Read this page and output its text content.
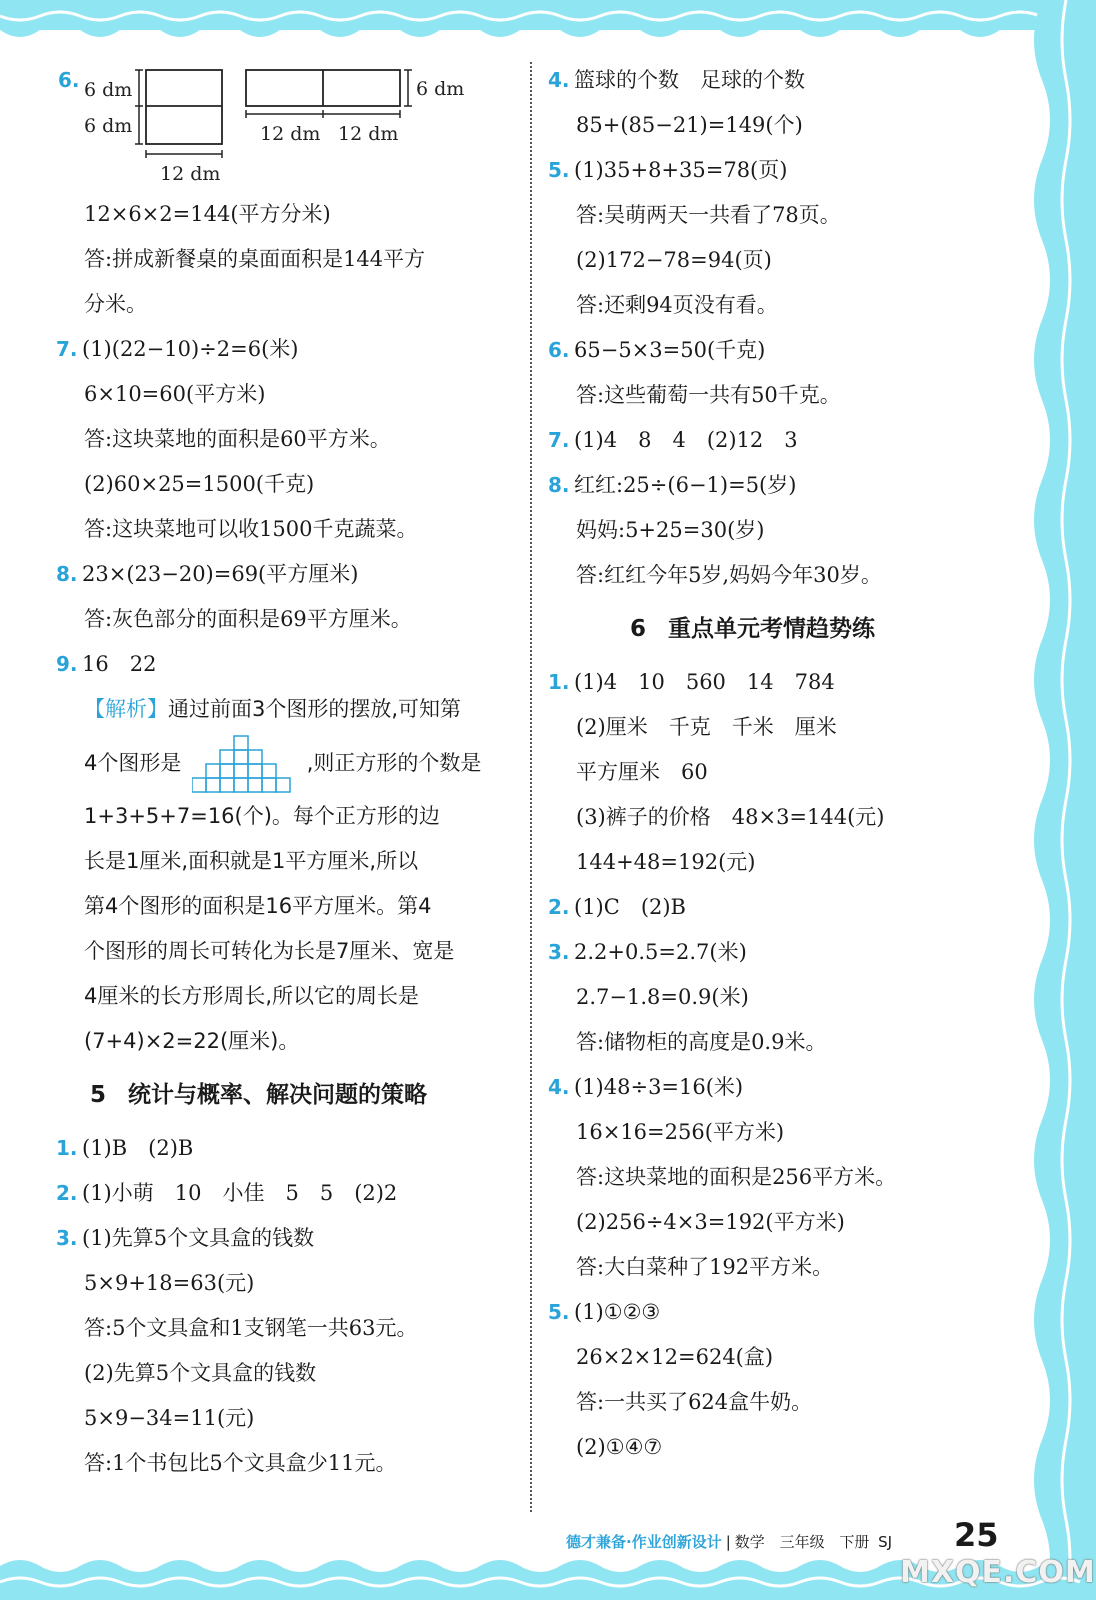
6. 6 dm
6 dm
12 dm
12 dm 12 dm
6 dm
12×6×2=144(平方分米)
答:拼成新餐桌的桌面面积是144平方
分米。
7. (1)(22−10)÷2=6(米)
6×10=60(平方米)
答:这块菜地的面积是60平方米。
(2)60×25=1500(千克)
答:这块菜地可以收1500千克蔬菜。
8. 23×(23−20)=69(平方厘米)
答:灰色部分的面积是69平方厘米。
9. 16　22
【解析】通过前面3个图形的摆放,可知第
4个图形是	,则正方形的个数是
1+3+5+7=16(个)。每个正方形的边
长是1厘米,面积就是1平方厘米,所以
第4个图形的面积是16平方厘米。第4
个图形的周长可转化为长是7厘米、宽是
4厘米的长方形周长,所以它的周长是
(7+4)×2=22(厘米)。
5 统计与概率、解决问题的策略
1. (1)B　(2)B
2. (1)小萌　10　小佳　5　5　(2)2
3. (1)先算5个文具盒的钱数
5×9+18=63(元)
答:5个文具盒和1支钢笔一共63元。
(2)先算5个文具盒的钱数
5×9−34=11(元)
答:1个书包比5个文具盒少11元。
4. 篮球的个数　足球的个数
85+(85−21)=149(个)
5. (1)35+8+35=78(页)
答:吴萌两天一共看了78页。
(2)172−78=94(页)
答:还剩94页没有看。
6. 65−5×3=50(千克)
答:这些葡萄一共有50千克。
7. (1)4　8　4　(2)12　3
8. 红红:25÷(6−1)=5(岁)
妈妈:5+25=30(岁)
答:红红今年5岁,妈妈今年30岁。
6 重点单元考情趋势练
1. (1)4　10　560　14　784
(2)厘米　千克　千米　厘米
平方厘米　60
(3)裤子的价格　48×3=144(元)
144+48=192(元)
2. (1)C　(2)B
3. 2.2+0.5=2.7(米)
2.7−1.8=0.9(米)
答:储物柜的高度是0.9米。
4. (1)48÷3=16(米)
16×16=256(平方米)
答:这块菜地的面积是256平方米。
(2)256÷4×3=192(平方米)
答:大白菜种了192平方米。
5. (1)①②③
26×2×12=624(盒)
答:一共买了624盒牛奶。
(2)①④⑦
德才兼备·作业创新设计 | 数学 三年级 下册 SJ 25
MXQE.COM
